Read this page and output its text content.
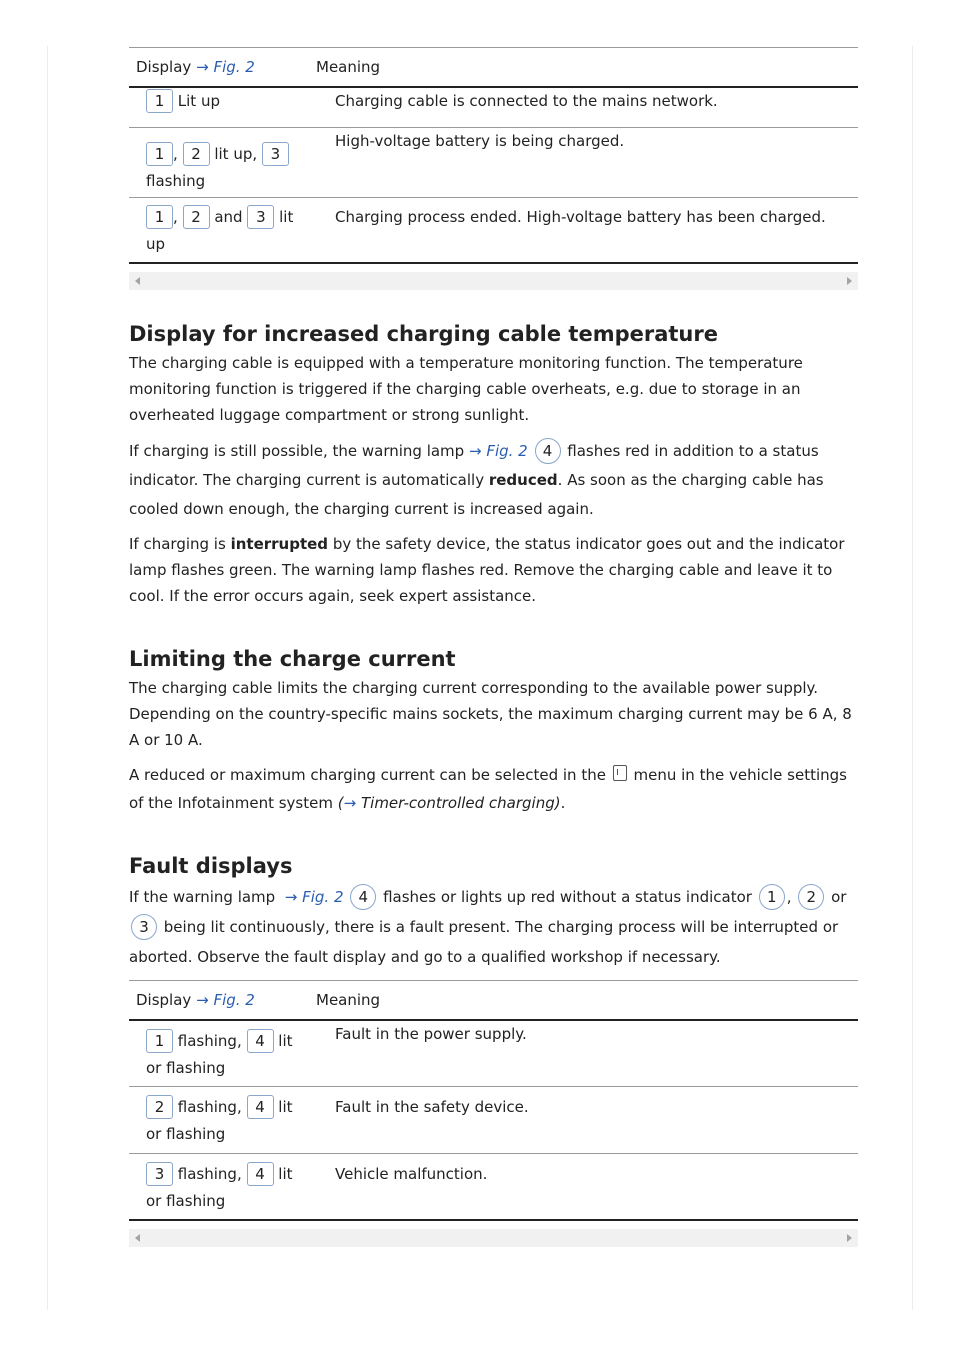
Display → Fig. 2	Meaning
1 Lit up	Charging cable is connected to the mains network.

1 , 2 lit up, 3
flashing	High-voltage battery is being charged.

1 , 2 and 3 lit
up	Charging process ended. High-voltage battery has been charged.
Display for increased charging cable temperature

The charging cable is equipped with a temperature monitoring function. The temperature monitoring function is triggered if the charging cable overheats, e.g. due to storage in an overheated luggage compartment or strong sunlight.

If charging is still possible, the warning lamp → Fig. 2 4 flashes red in addition to a status indicator. The charging current is automatically reduced. As soon as the charging cable has cooled down enough, the charging current is increased again.

If charging is interrupted by the safety device, the status indicator goes out and the indicator lamp flashes green. The warning lamp flashes red. Remove the charging cable and leave it to cool. If the error occurs again, seek expert assistance.

Limiting the charge current

The charging cable limits the charging current corresponding to the available power supply. Depending on the country-specific mains sockets, the maximum charging current may be 6 A, 8 A or 10 A.

A reduced or maximum charging current can be selected in the menu in the vehicle settings of the Infotainment system (→ Timer-controlled charging).

Fault displays

If the warning lamp → Fig. 2 4 flashes or lights up red without a status indicator 1 , 2 or 3 being lit continuously, there is a fault present. The charging process will be interrupted or aborted. Observe the fault display and go to a qualified workshop if necessary.

Display → Fig. 2	Meaning

1 flashing, 4 lit
or flashing	Fault in the power supply.

2 flashing, 4 lit
or flashing	Fault in the safety device.

3 flashing, 4 lit
or flashing	Vehicle malfunction.
